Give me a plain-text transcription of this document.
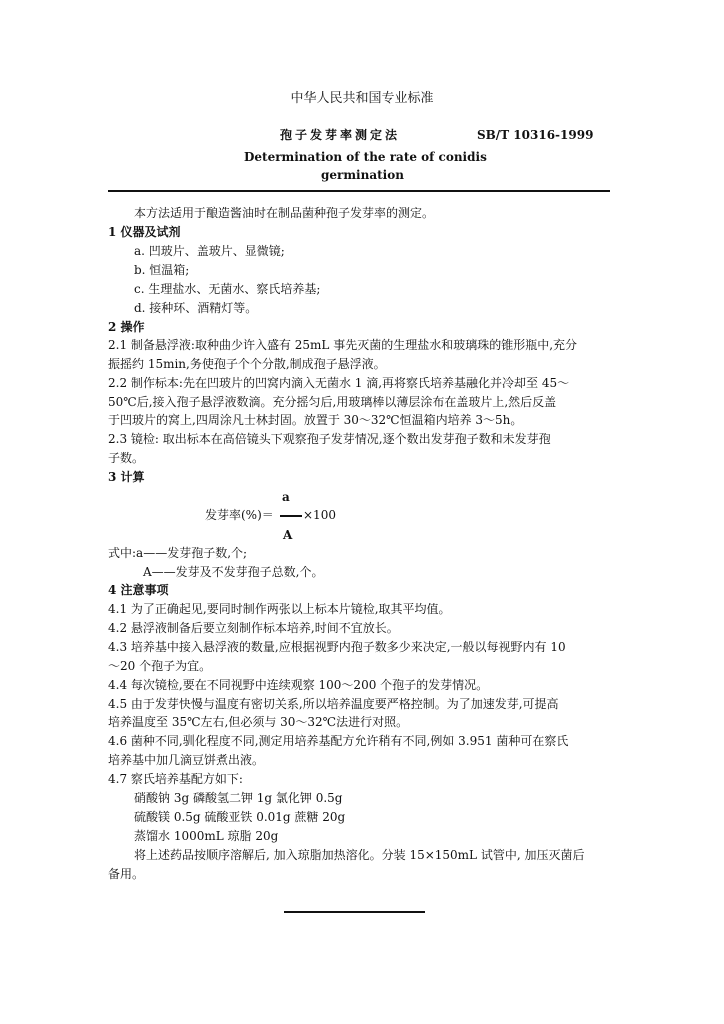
中华人民共和国专业标准
孢子发芽率测定法	SB/T 10316-1999
Determination of the rate of conidis
germination
本方法适用于酿造酱油时在制品菌种孢子发芽率的测定。
1 仪器及试剂
a. 凹玻片、盖玻片、显微镜;
b. 恒温箱;
c. 生理盐水、无菌水、察氏培养基;
d. 接种环、酒精灯等。
2 操作
2.1 制备悬浮液:取种曲少许入盛有 25mL 事先灭菌的生理盐水和玻璃珠的锥形瓶中,充分
振摇约 15min,务使孢子个个分散,制成孢子悬浮液。
2.2 制作标本:先在凹玻片的凹窝内滴入无菌水 1 滴,再将察氏培养基融化并冷却至 45～
50℃后,接入孢子悬浮液数滴。充分摇匀后,用玻璃棒以薄层涂布在盖玻片上,然后反盖
于凹玻片的窝上,四周涂凡士林封固。放置于 30～32℃恒温箱内培养 3～5h。
2.3 镜检: 取出标本在高倍镜头下观察孢子发芽情况,逐个数出发芽孢子数和未发芽孢
子数。
3 计算
a
发芽率(%)＝ ×100
A
式中:a——发芽孢子数,个;
A——发芽及不发芽孢子总数,个。
4 注意事项
4.1 为了正确起见,要同时制作两张以上标本片镜检,取其平均值。
4.2 悬浮液制备后要立刻制作标本培养,时间不宜放长。
4.3 培养基中接入悬浮液的数量,应根据视野内孢子数多少来决定,一般以每视野内有 10
～20 个孢子为宜。
4.4 每次镜检,要在不同视野中连续观察 100～200 个孢子的发芽情况。
4.5 由于发芽快慢与温度有密切关系,所以培养温度要严格控制。为了加速发芽,可提高
培养温度至 35℃左右,但必须与 30～32℃法进行对照。
4.6 菌种不同,驯化程度不同,测定用培养基配方允许稍有不同,例如 3.951 菌种可在察氏
培养基中加几滴豆饼煮出液。
4.7 察氏培养基配方如下:
硝酸钠 3g 磷酸氢二钾 1g 氯化钾 0.5g
硫酸镁 0.5g 硫酸亚铁 0.01g 蔗糖 20g
蒸馏水 1000mL 琼脂 20g
将上述药品按顺序溶解后, 加入琼脂加热溶化。分装 15×150mL 试管中, 加压灭菌后
备用。
